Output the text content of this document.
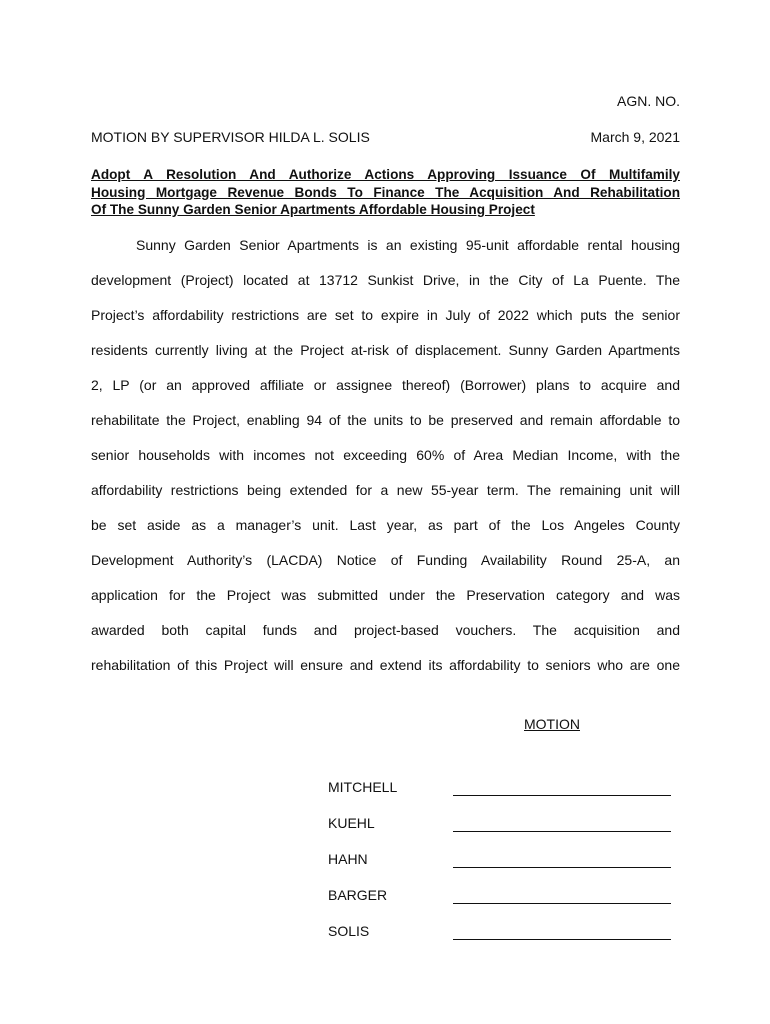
AGN. NO.
MOTION BY SUPERVISOR HILDA L. SOLIS	March 9, 2021
Adopt A Resolution And Authorize Actions Approving Issuance Of Multifamily
Housing Mortgage Revenue Bonds To Finance The Acquisition And Rehabilitation
Of The Sunny Garden Senior Apartments Affordable Housing Project
Sunny Garden Senior Apartments is an existing 95-unit affordable rental housing
development (Project) located at 13712 Sunkist Drive, in the City of La Puente. The
Project’s affordability restrictions are set to expire in July of 2022 which puts the senior
residents currently living at the Project at-risk of displacement. Sunny Garden Apartments
2, LP (or an approved affiliate or assignee thereof) (Borrower) plans to acquire and
rehabilitate the Project, enabling 94 of the units to be preserved and remain affordable to
senior households with incomes not exceeding 60% of Area Median Income, with the
affordability restrictions being extended for a new 55-year term. The remaining unit will
be set aside as a manager’s unit. Last year, as part of the Los Angeles County
Development Authority’s (LACDA) Notice of Funding Availability Round 25-A, an
application for the Project was submitted under the Preservation category and was
awarded both capital funds and project-based vouchers. The acquisition and
rehabilitation of this Project will ensure and extend its affordability to seniors who are one
MOTION
MITCHELL
KUEHL
HAHN
BARGER
SOLIS
